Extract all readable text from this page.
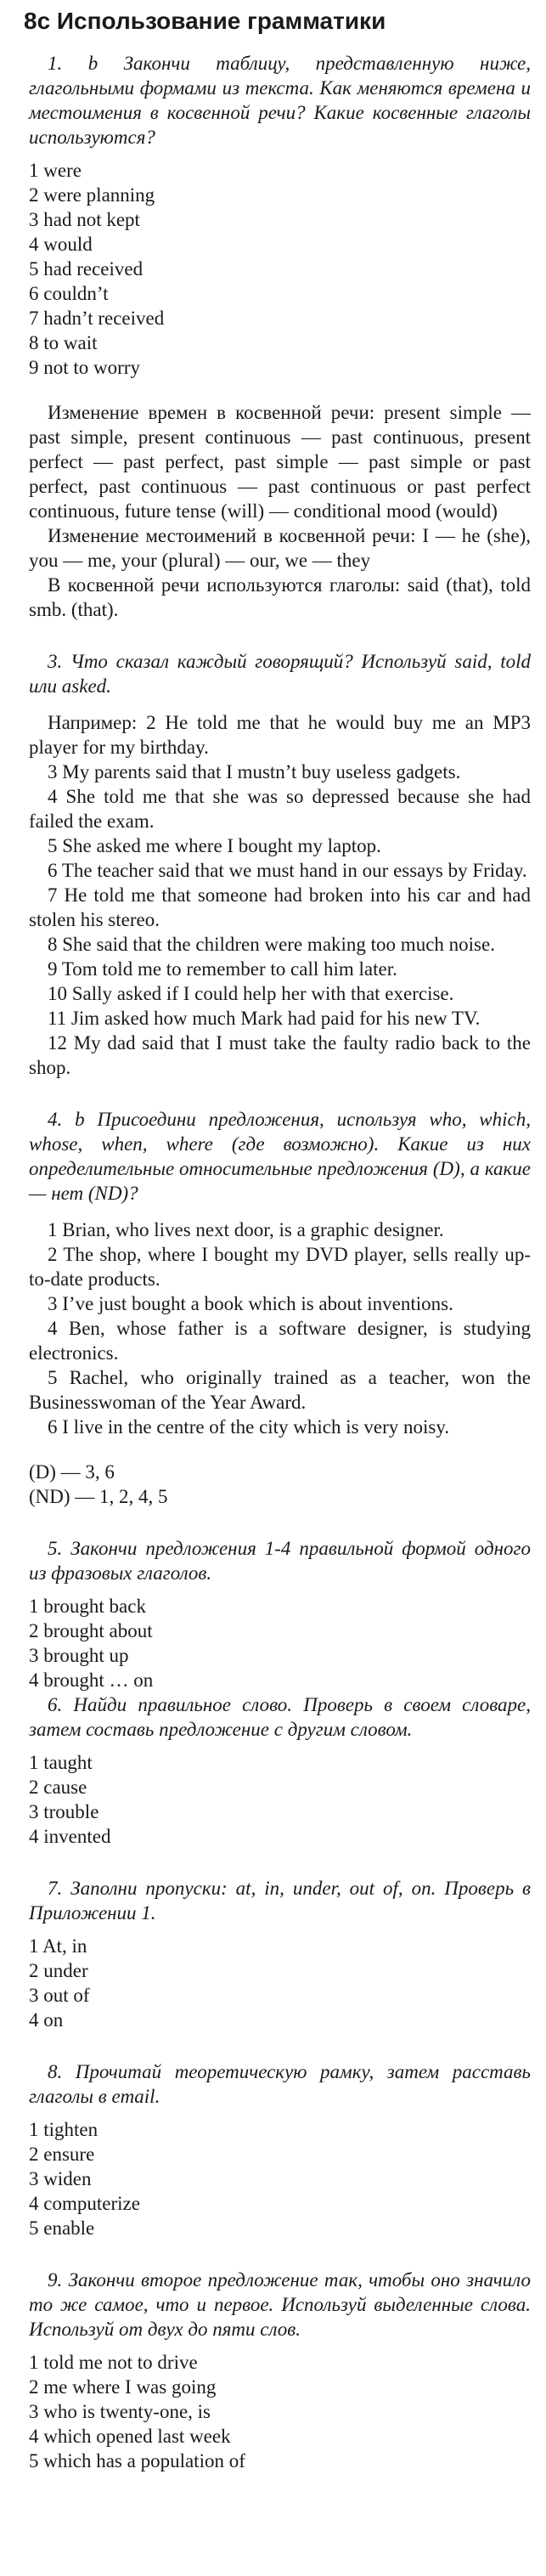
8с Использование грамматики

1. b Закончи таблицу, представленную ниже, глагольными формами из текста. Как меняются времена и местоимения в косвенной речи? Какие косвенные глаголы используются?

1 were
2 were planning
3 had not kept
4 would
5 had received
6 couldn’t
7 hadn’t received
8 to wait
9 not to worry

Изменение времен в косвенной речи: present simple — past simple, present continuous — past continuous, present perfect — past perfect, past simple — past simple or past perfect, past continuous — past continuous or past perfect continuous, future tense (will) — conditional mood (would)

Изменение местоимений в косвенной речи: I — he (she), you — me, your (plural) — our, we — they

В косвенной речи используются глаголы: said (that), told smb. (that).

3. Что сказал каждый говорящий? Используй said, told или asked.

Например: 2 He told me that he would buy me an MP3 player for my birthday.

3 My parents said that I mustn’t buy useless gadgets.

4 She told me that she was so depressed because she had failed the exam.

5 She asked me where I bought my laptop.

6 The teacher said that we must hand in our essays by Friday.

7 He told me that someone had broken into his car and had stolen his stereo.

8 She said that the children were making too much noise.

9 Tom told me to remember to call him later.

10 Sally asked if I could help her with that exercise.

11 Jim asked how much Mark had paid for his new TV.

12 My dad said that I must take the faulty radio back to the shop.

4. b Присоедини предложения, используя who, which, whose, when, where (где возможно). Какие из них определительные относительные предложения (D), а какие — нет (ND)?

1 Brian, who lives next door, is a graphic designer.

2 The shop, where I bought my DVD player, sells really up-to-date products.

3 I’ve just bought a book which is about inventions.

4 Ben, whose father is a software designer, is studying electronics.

5 Rachel, who originally trained as a teacher, won the Businesswoman of the Year Award.

6 I live in the centre of the city which is very noisy.

(D) — 3, 6

(ND) — 1, 2, 4, 5

5. Закончи предложения 1-4 правильной формой одного из фразовых глаголов.

1 brought back
2 brought about
3 brought up
4 brought … on

6. Найди правильное слово. Проверь в своем словаре, затем составь предложение с другим словом.

1 taught
2 cause
3 trouble
4 invented

7. Заполни пропуски: at, in, under, out of, on. Проверь в Приложении 1.

1 At, in
2 under
3 out of
4 on

8. Прочитай теоретическую рамку, затем расставь глаголы в email.

1 tighten
2 ensure
3 widen
4 computerize
5 enable

9. Закончи второе предложение так, чтобы оно значило то же самое, что и первое. Используй выделенные слова. Используй от двух до пяти слов.

1 told me not to drive
2 me where I was going
3 who is twenty-one, is
4 which opened last week
5 which has a population of
